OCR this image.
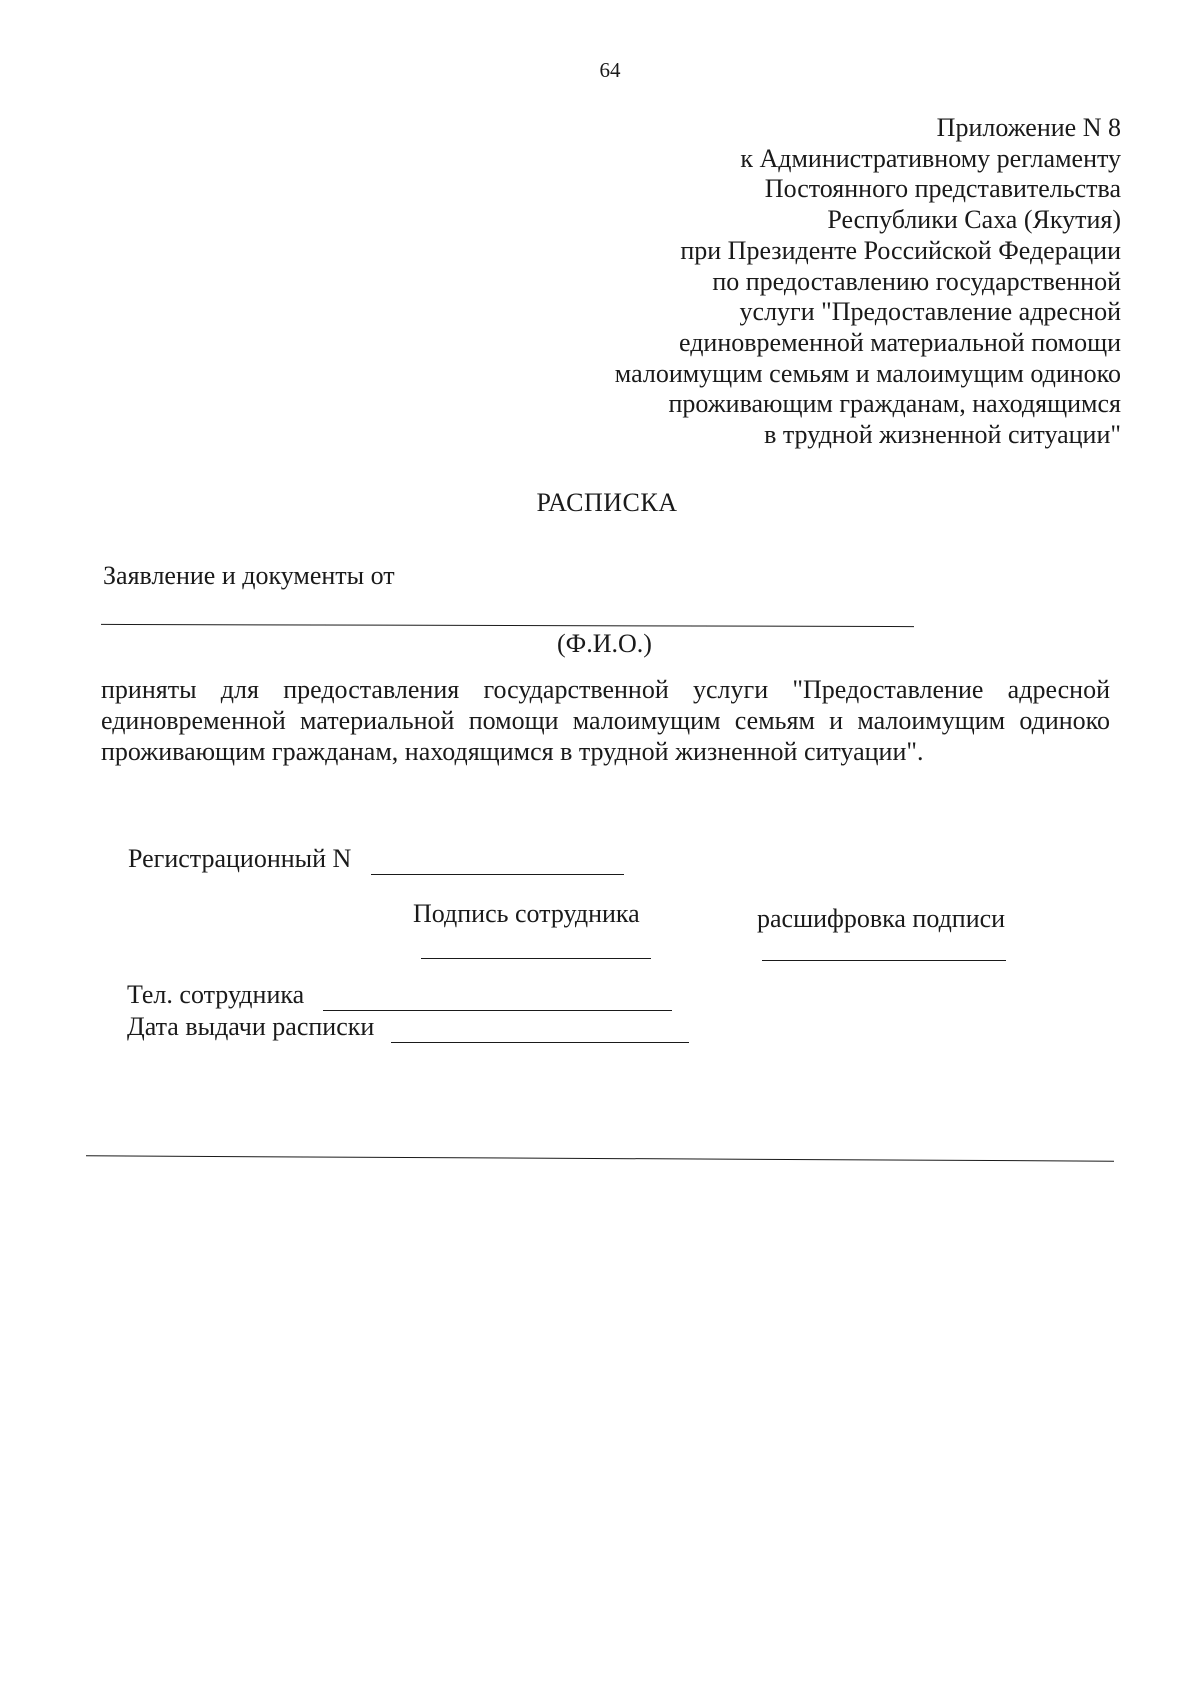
64
Приложение N 8
к Административному регламенту
Постоянного представительства
Республики Саха (Якутия)
при Президенте Российской Федерации
по предоставлению государственной
услуги "Предоставление адресной
единовременной материальной помощи
малоимущим семьям и малоимущим одиноко
проживающим гражданам, находящимся
в трудной жизненной ситуации"
РАСПИСКА
Заявление и документы от
(Ф.И.О.)
приняты для предоставления государственной услуги "Предоставление адресной
единовременной материальной помощи малоимущим семьям и малоимущим одиноко
проживающим гражданам, находящимся в трудной жизненной ситуации".
Регистрационный N
Подпись сотрудника	расшифровка подписи
Тел. сотрудника
Дата выдачи расписки
